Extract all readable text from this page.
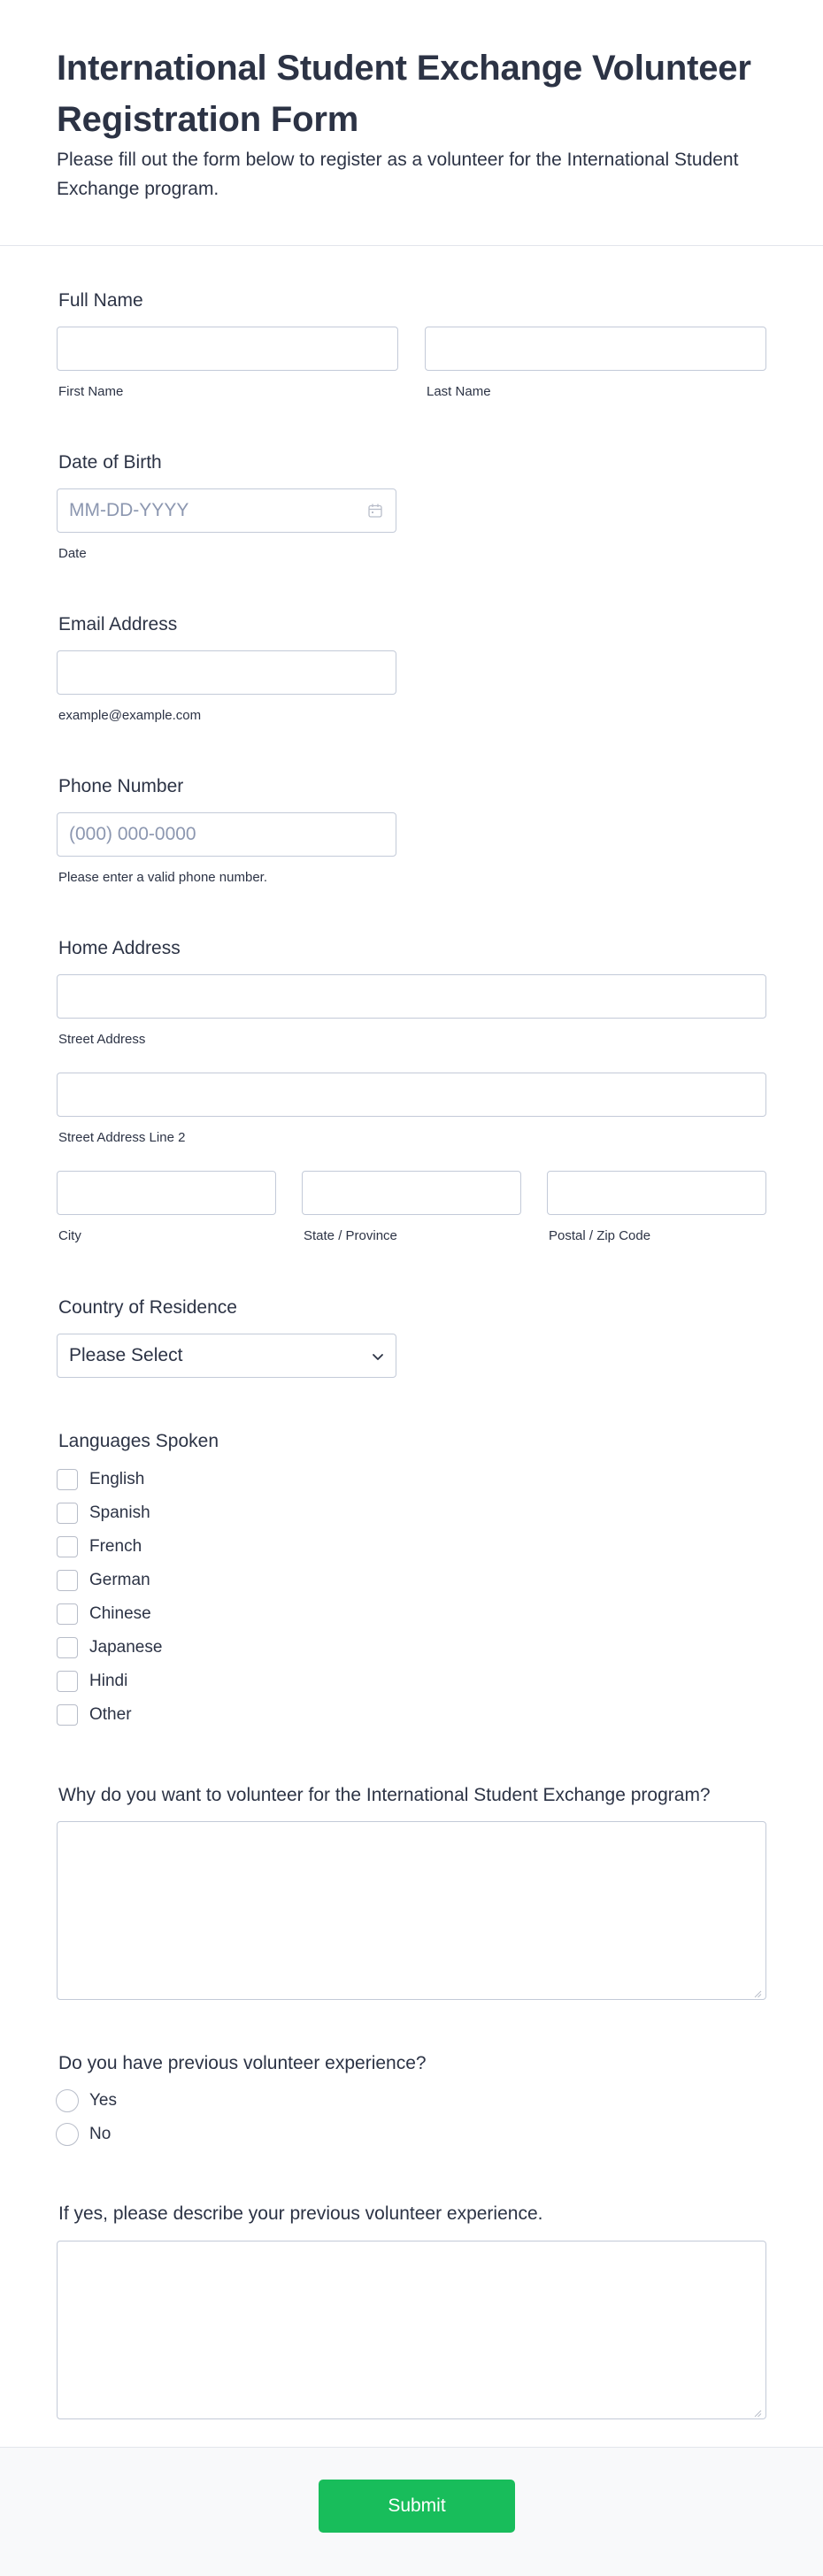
International Student Exchange Volunteer Registration Form
Please fill out the form below to register as a volunteer for the International Student Exchange program.
Full Name
First Name	Last Name
Date of Birth
MM-DD-YYYY
Date
Email Address
example@example.com
Phone Number
(000) 000-0000
Please enter a valid phone number.
Home Address
Street Address
Street Address Line 2
City	State / Province	Postal / Zip Code
Country of Residence
Please Select
Languages Spoken
English
Spanish
French
German
Chinese
Japanese
Hindi
Other
Why do you want to volunteer for the International Student Exchange program?
Do you have previous volunteer experience?
Yes
No
If yes, please describe your previous volunteer experience.
Submit
